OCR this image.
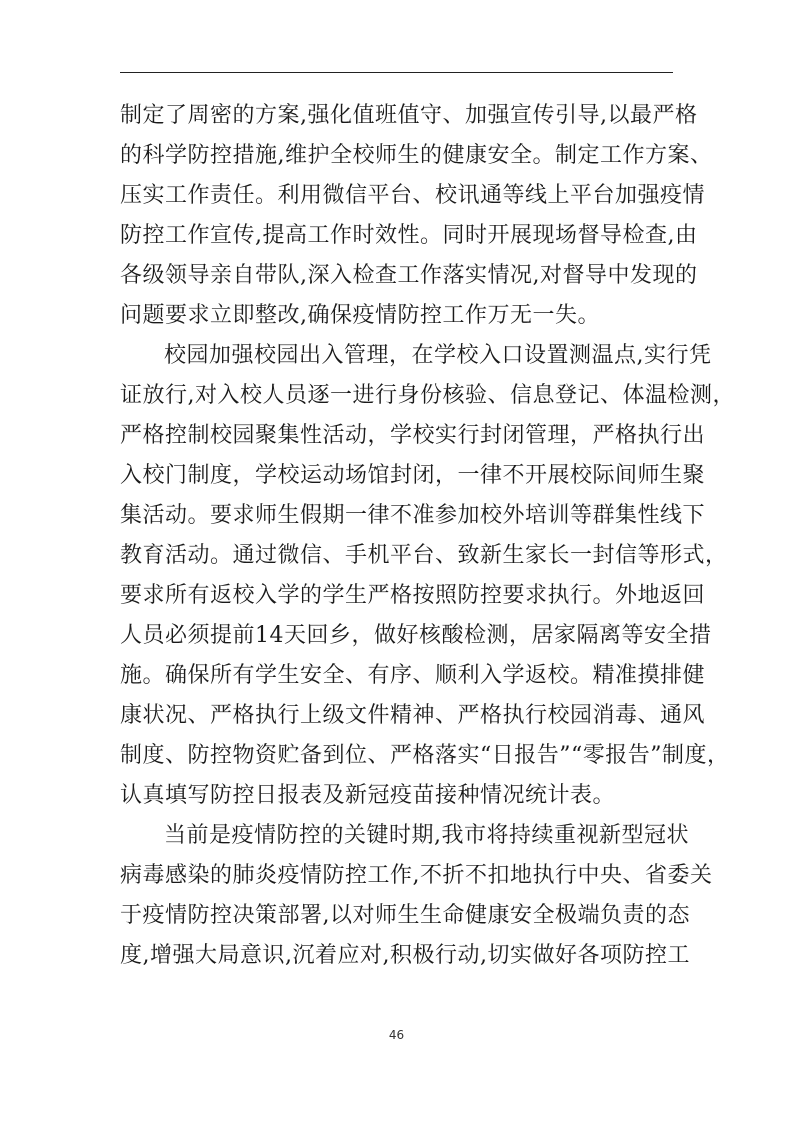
制定了周密的方案,强化值班值守、加强宣传引导,以最严格
的科学防控措施,维护全校师生的健康安全。制定工作方案、
压实工作责任。利用微信平台、校讯通等线上平台加强疫情
防控工作宣传,提高工作时效性。同时开展现场督导检查,由
各级领导亲自带队,深入检查工作落实情况,对督导中发现的
问题要求立即整改,确保疫情防控工作万无一失。
校园加强校园出入管理，在学校入口设置测温点,实行凭
证放行,对入校人员逐一进行身份核验、信息登记、体温检测，
严格控制校园聚集性活动，学校实行封闭管理，严格执行出
入校门制度，学校运动场馆封闭，一律不开展校际间师生聚
集活动。要求师生假期一律不准参加校外培训等群集性线下
教育活动。通过微信、手机平台、致新生家长一封信等形式，
要求所有返校入学的学生严格按照防控要求执行。外地返回
人员必须提前14天回乡，做好核酸检测，居家隔离等安全措
施。确保所有学生安全、有序、顺利入学返校。精准摸排健
康状况、严格执行上级文件精神、严格执行校园消毒、通风
制度、防控物资贮备到位、严格落实“日报告”“零报告”制度，
认真填写防控日报表及新冠疫苗接种情况统计表。
当前是疫情防控的关键时期,我市将持续重视新型冠状
病毒感染的肺炎疫情防控工作,不折不扣地执行中央、省委关
于疫情防控决策部署,以对师生生命健康安全极端负责的态
度,增强大局意识,沉着应对,积极行动,切实做好各项防控工
46
